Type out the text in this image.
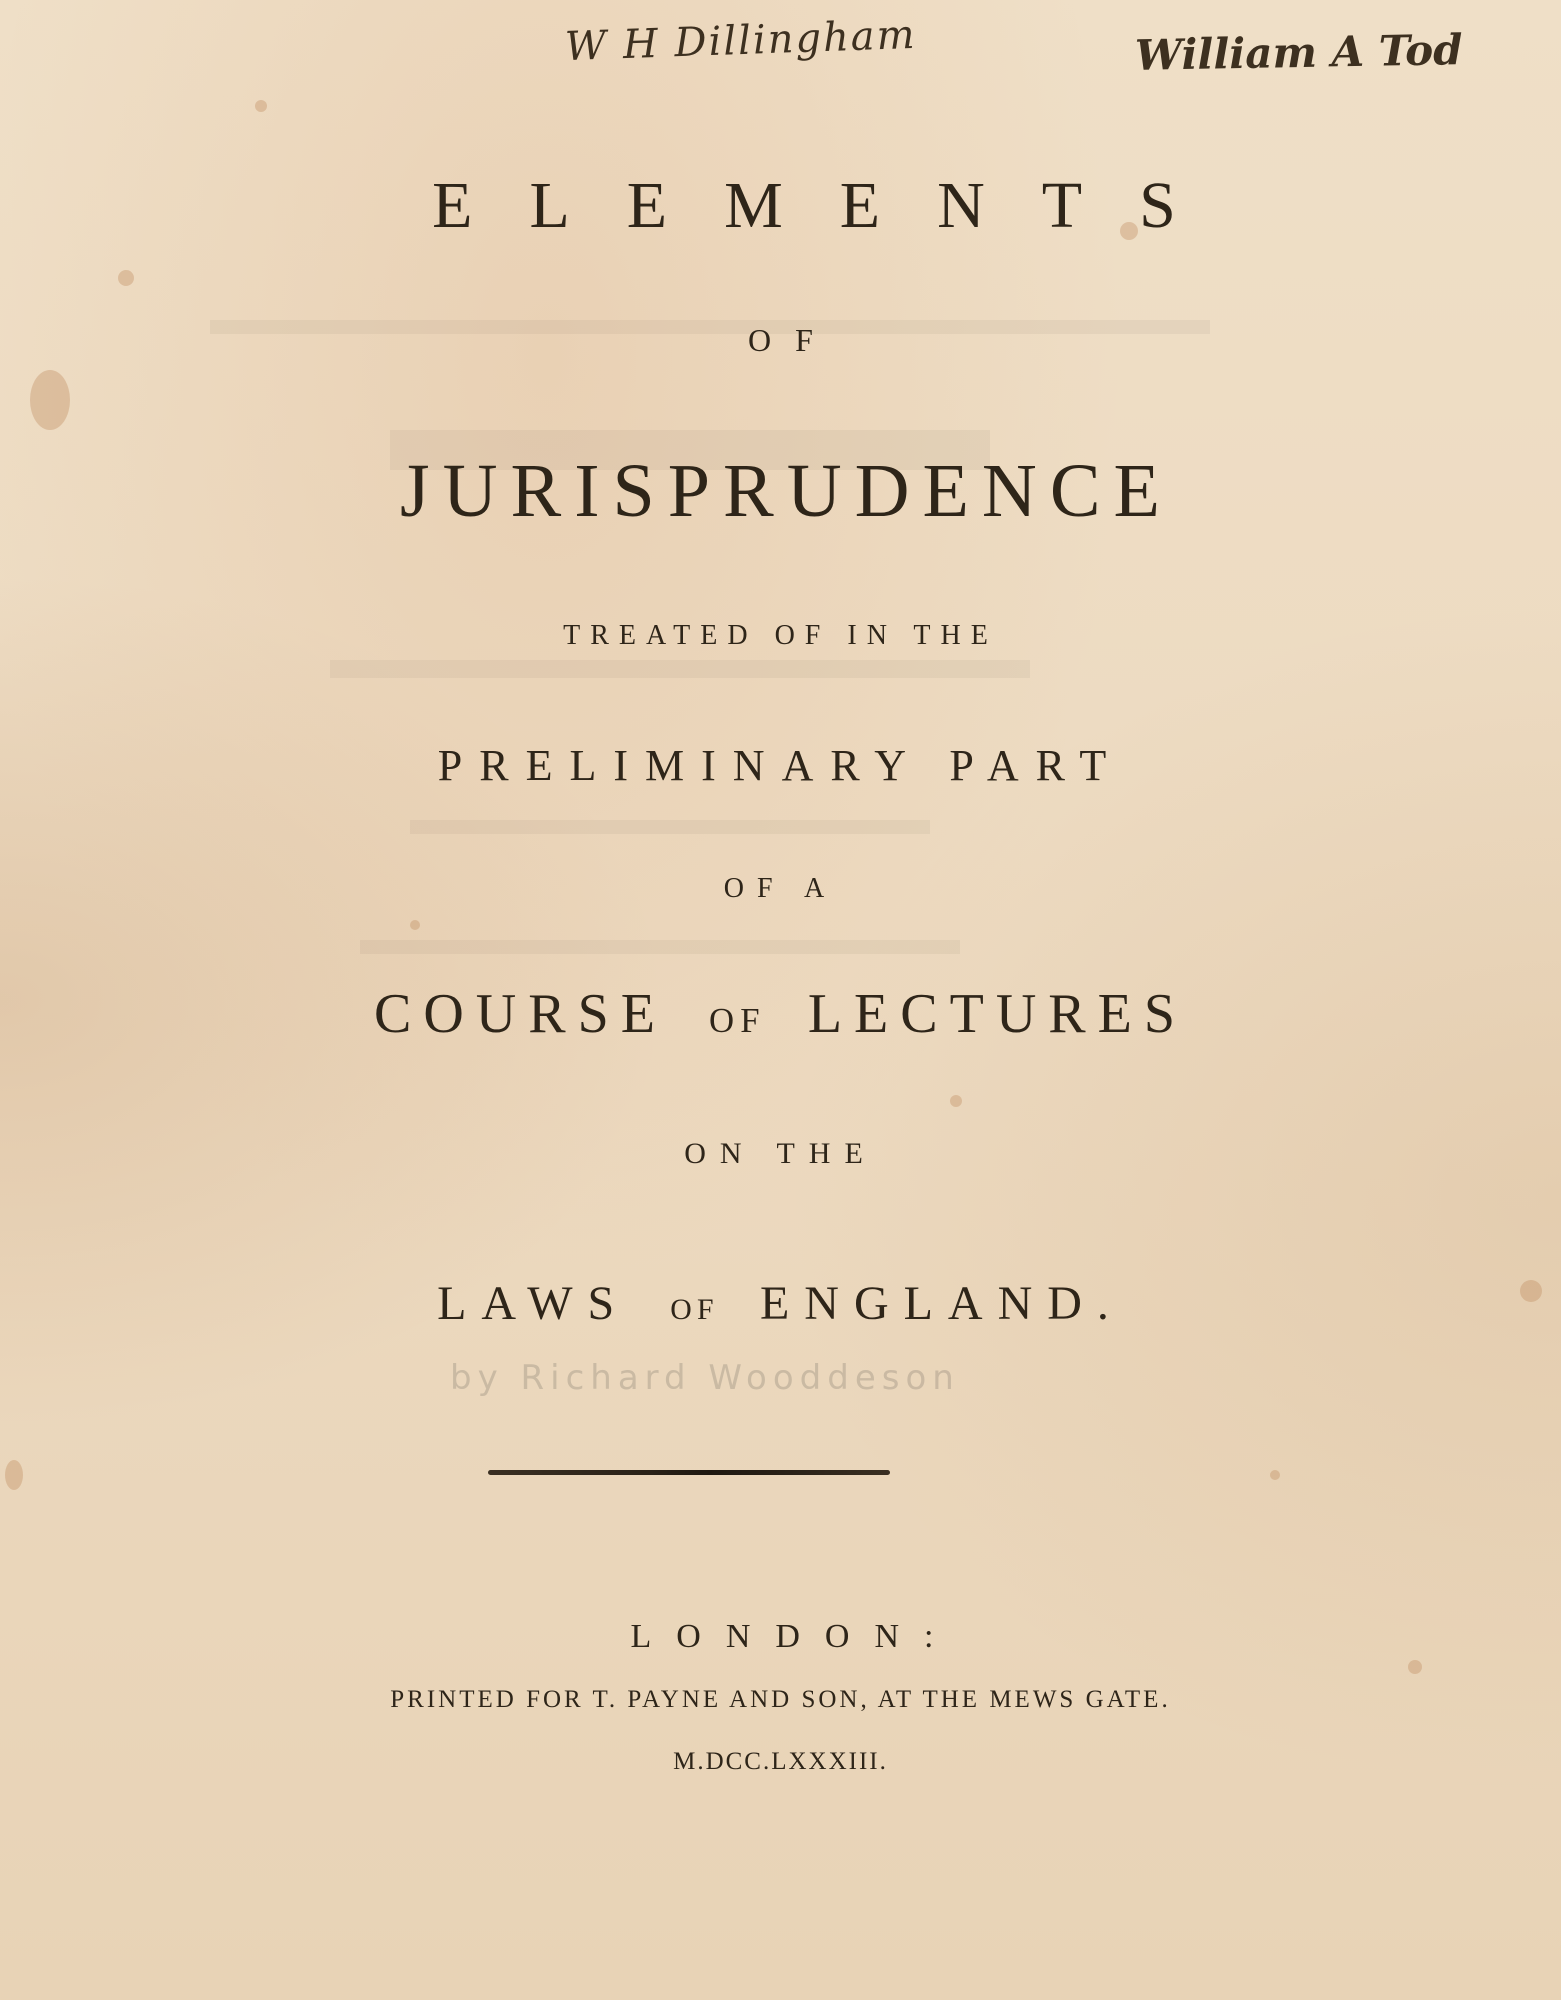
W H Dillingham	William A Tod
ELEMENTS
OF
JURISPRUDENCE
TREATED OF IN THE
PRELIMINARY PART
OF A
COURSE OF LECTURES
ON THE
LAWS OF ENGLAND.
by Richard Wooddeson
LONDON:
PRINTED FOR T. PAYNE AND SON, AT THE MEWS GATE.
M.DCC.LXXXIII.
